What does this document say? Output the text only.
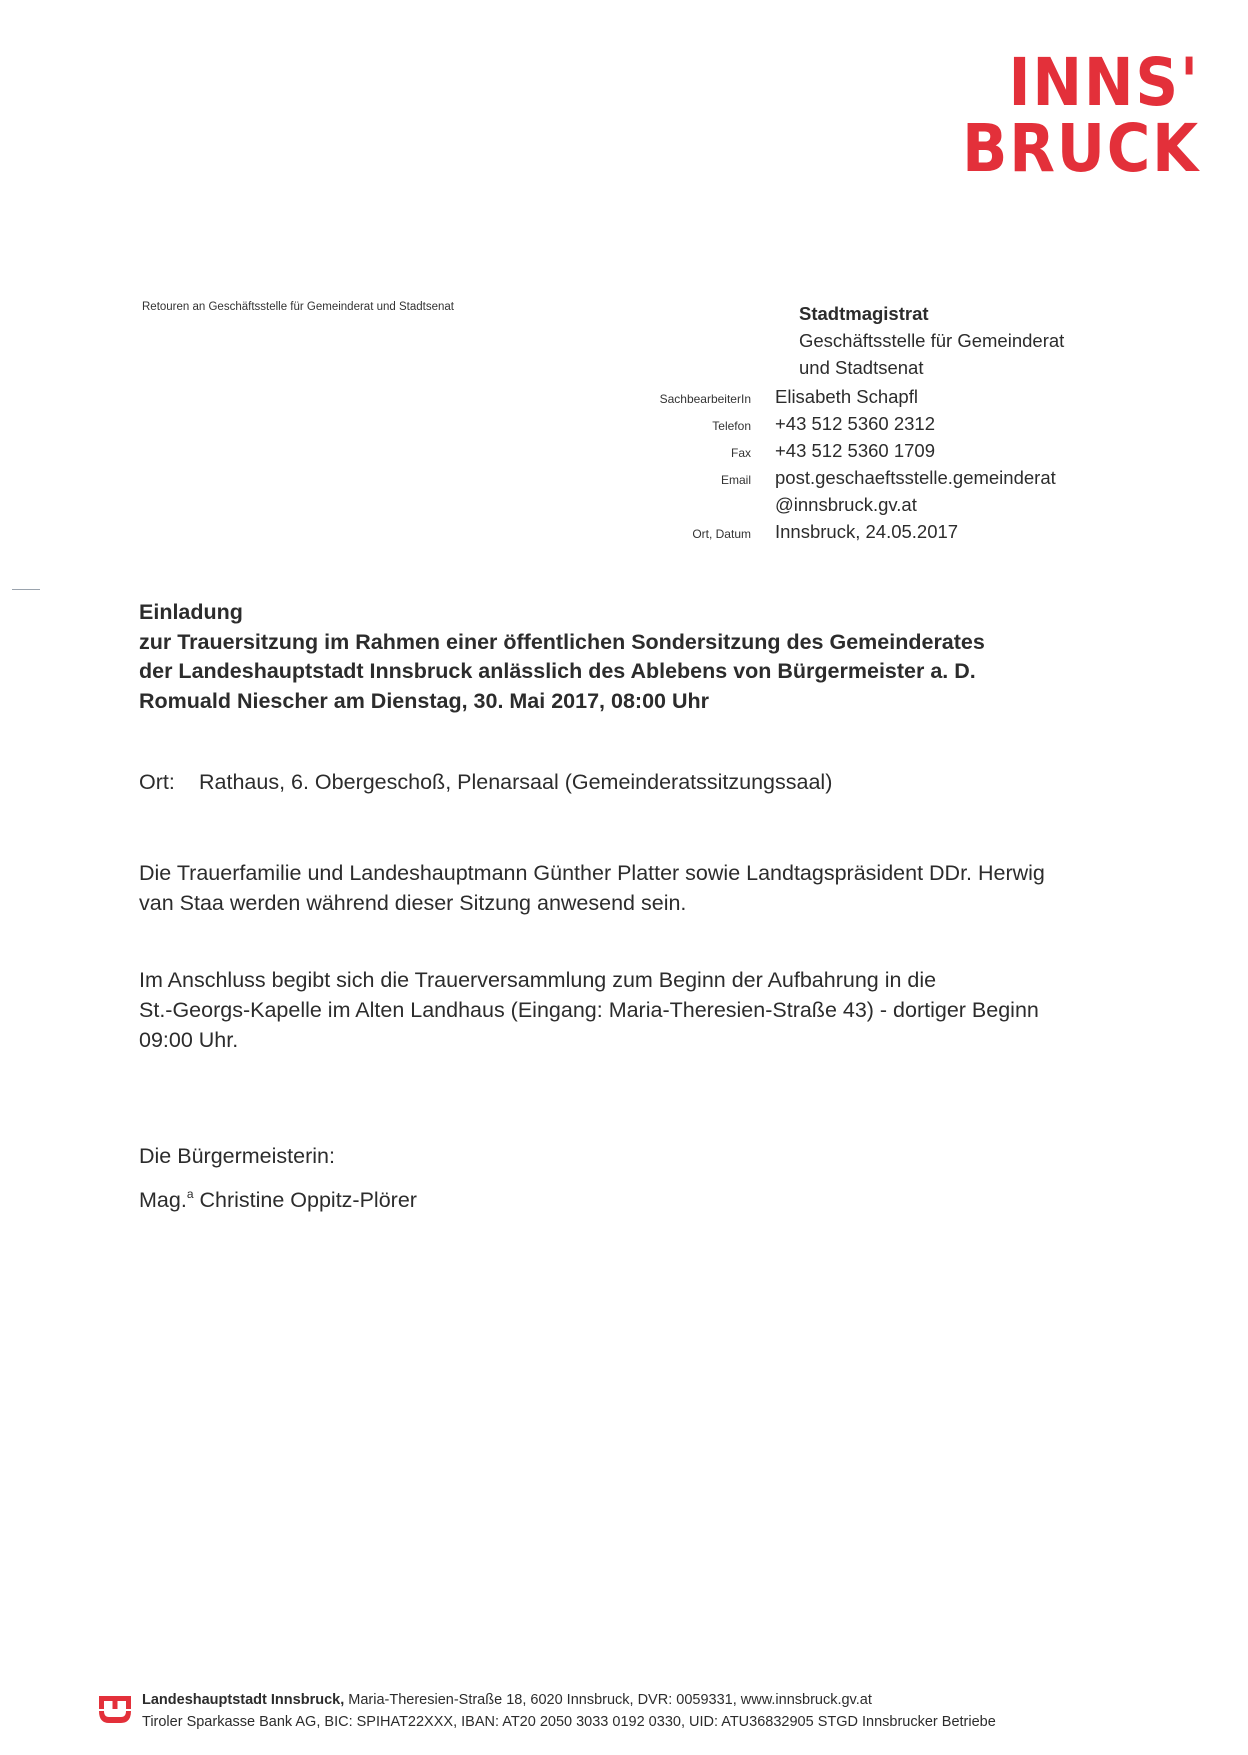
INNS'
BRUCK
Retouren an Geschäftsstelle für Gemeinderat und Stadtsenat	Stadtmagistrat
Geschäftsstelle für Gemeinderat
und Stadtsenat
SachbearbeiterIn	Elisabeth Schapfl
Telefon	+43 512 5360 2312
Fax	+43 512 5360 1709
Email	post.geschaeftsstelle.gemeinderat
@innsbruck.gv.at
Ort, Datum	Innsbruck, 24.05.2017
Einladung
zur Trauersitzung im Rahmen einer öffentlichen Sondersitzung des Gemeinderates
der Landeshauptstadt Innsbruck anlässlich des Ablebens von Bürgermeister a. D.
Romuald Niescher am Dienstag, 30. Mai 2017, 08:00 Uhr
Ort: Rathaus, 6. Obergeschoß, Plenarsaal (Gemeinderatssitzungssaal)
Die Trauerfamilie und Landeshauptmann Günther Platter sowie Landtagspräsident DDr. Herwig
van Staa werden während dieser Sitzung anwesend sein.
Im Anschluss begibt sich die Trauerversammlung zum Beginn der Aufbahrung in die
St.-Georgs-Kapelle im Alten Landhaus (Eingang: Maria-Theresien-Straße 43) - dortiger Beginn
09:00 Uhr.
Die Bürgermeisterin:
Mag.$^a$ Christine Oppitz-Plörer
Landeshauptstadt Innsbruck, Maria-Theresien-Straße 18, 6020 Innsbruck, DVR: 0059331, www.innsbruck.gv.at
Tiroler Sparkasse Bank AG, BIC: SPIHAT22XXX, IBAN: AT20 2050 3033 0192 0330, UID: ATU36832905 STGD Innsbrucker Betriebe
